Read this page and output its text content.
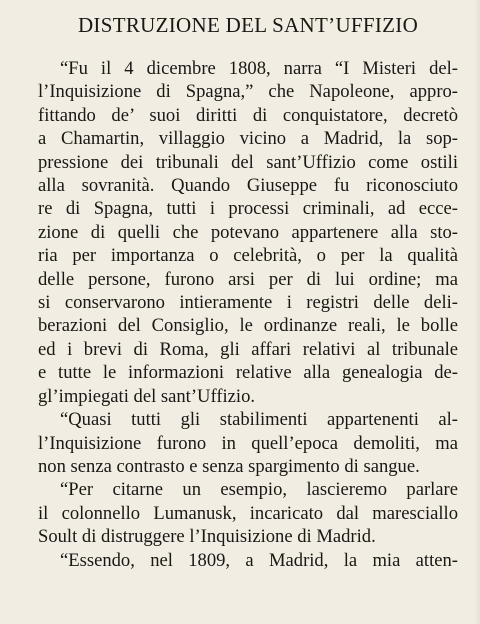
DISTRUZIONE DEL SANT’UFFIZIO
“Fu il 4 dicembre 1808, narra “I Misteri del-
l’Inquisizione di Spagna,” che Napoleone, appro-
fittando de’ suoi diritti di conquistatore, decretò
a Chamartin, villaggio vicino a Madrid, la sop-
pressione dei tribunali del sant’Uffizio come ostili
alla sovranità. Quando Giuseppe fu riconosciuto
re di Spagna, tutti i processi criminali, ad ecce-
zione di quelli che potevano appartenere alla sto-
ria per importanza o celebrità, o per la qualità
delle persone, furono arsi per di lui ordine; ma
si conservarono intieramente i registri delle deli-
berazioni del Consiglio, le ordinanze reali, le bolle
ed i brevi di Roma, gli affari relativi al tribunale
e tutte le informazioni relative alla genealogia de-
gl’impiegati del sant’Uffizio.
“Quasi tutti gli stabilimenti appartenenti al-
l’Inquisizione furono in quell’epoca demoliti, ma
non senza contrasto e senza spargimento di sangue.
“Per citarne un esempio, lascieremo parlare
il colonnello Lumanusk, incaricato dal maresciallo
Soult di distruggere l’Inquisizione di Madrid.
“Essendo, nel 1809, a Madrid, la mia atten-
